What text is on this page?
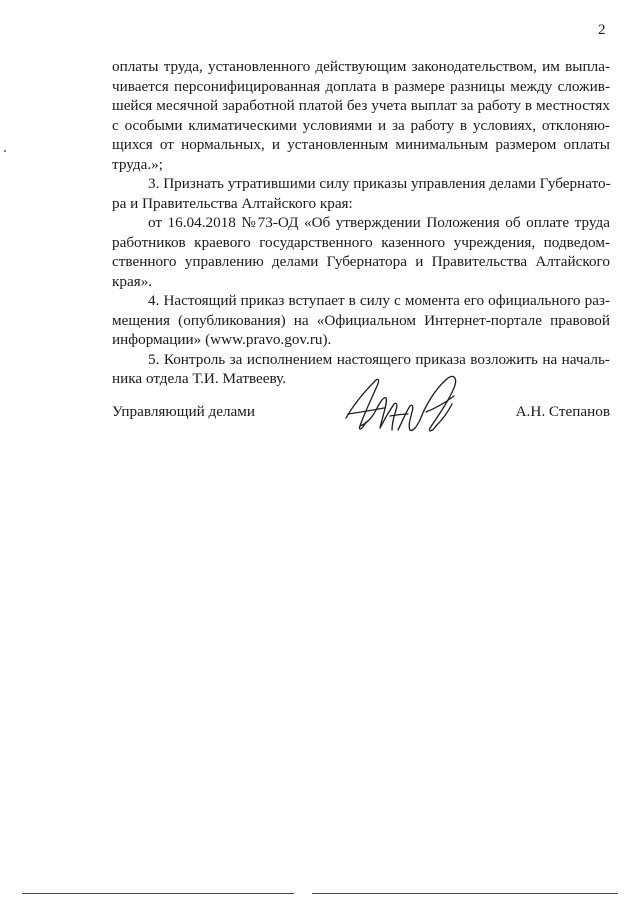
2
оплаты труда, установленного действующим законодательством, им выпла-
чивается персонифицированная доплата в размере разницы между сложив-
шейся месячной заработной платой без учета выплат за работу в местностях
с особыми климатическими условиями и за работу в условиях, отклоняю-
щихся от нормальных, и установленным минимальным размером оплаты
труда.»;
3. Признать утратившими силу приказы управления делами Губернато-
ра и Правительства Алтайского края:
от 16.04.2018 №73-ОД «Об утверждении Положения об оплате труда
работников краевого государственного казенного учреждения, подведом-
ственного управлению делами Губернатора и Правительства Алтайского
края».
4. Настоящий приказ вступает в силу с момента его официального раз-
мещения (опубликования) на «Официальном Интернет-портале правовой
информации» (www.pravo.gov.ru).
5. Контроль за исполнением настоящего приказа возложить на началь-
ника отдела Т.И. Матвееву.
Управляющий делами	А.Н. Степанов
